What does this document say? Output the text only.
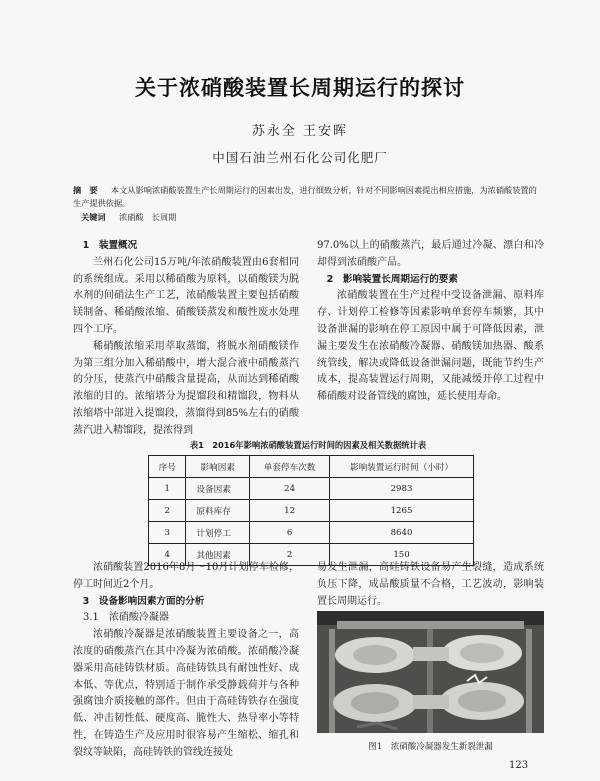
关于浓硝酸装置长周期运行的探讨
苏永全 王安晖
中国石油兰州石化公司化肥厂
摘　要 　 本文从影响浓硝酸装置生产长周期运行的因素出发，进行细致分析，针对不同影响因素提出相应措施，为浓硝酸装置的生产提供依据。
关键词 　 浓硝酸　长周期

1　装置概况

兰州石化公司15万吨/年浓硝酸装置由6套相同的系统组成。采用以稀硝酸为原料，以硝酸镁为脱水剂的间硝法生产工艺，浓硝酸装置主要包括硝酸镁制备、稀硝酸浓缩、硝酸镁蒸发和酸性废水处理四个工序。

稀硝酸浓缩采用萃取蒸馏，将脱水剂硝酸镁作为第三组分加入稀硝酸中，增大混合液中硝酸蒸汽的分压，使蒸汽中硝酸含量提高，从而达到稀硝酸浓缩的目的。浓缩塔分为提馏段和精馏段，物料从浓缩塔中部进入提馏段，蒸馏得到85%左右的硝酸蒸汽进入精馏段，提浓得到

97.0%以上的硝酸蒸汽，最后通过冷凝、漂白和冷却得到浓硝酸产品。

2　影响装置长周期运行的要素

浓硝酸装置在生产过程中受设备泄漏、原料库存、计划停工检修等因素影响单套停车频繁，其中设备泄漏的影响在停工原因中属于可降低因素，泄漏主要发生在浓硝酸冷凝器、硝酸镁加热器、酸系统管线，解决或降低设备泄漏问题，既能节约生产成本，提高装置运行周期，又能减缓开停工过程中稀硝酸对设备管线的腐蚀，延长使用寿命。

表1　2016年影响浓硝酸装置运行时间的因素及相关数据统计表
序号	影响因素	单套停车次数	影响装置运行时间（小时）
1	设备因素	24	2983
2	原料库存	12	1265
3	计划停工	6	8640
4	其他因素	2	150

浓硝酸装置2016年8月～10月计划停车检修，停工时间近2个月。

3　设备影响因素方面的分析

3.1　浓硝酸冷凝器

浓硝酸冷凝器是浓硝酸装置主要设备之一，高浓度的硝酸蒸汽在其中冷凝为浓硝酸。浓硝酸冷凝器采用高硅铸铁材质。高硅铸铁具有耐蚀性好、成本低、等优点，特别适于制作承受静载荷并与各种强腐蚀介质接触的部件。但由于高硅铸铁存在强度低、冲击韧性低、硬度高、脆性大、热导率小等特性，在铸造生产及应用时很容易产生缩松、缩孔和裂纹等缺陷，高硅铸铁的管线连接处

易发生泄漏，高硅铸铁设备易产生裂缝，造成系统负压下降，成品酸质量不合格，工艺波动，影响装置长周期运行。

图1　浓硝酸冷凝器发生新裂泄漏
123
